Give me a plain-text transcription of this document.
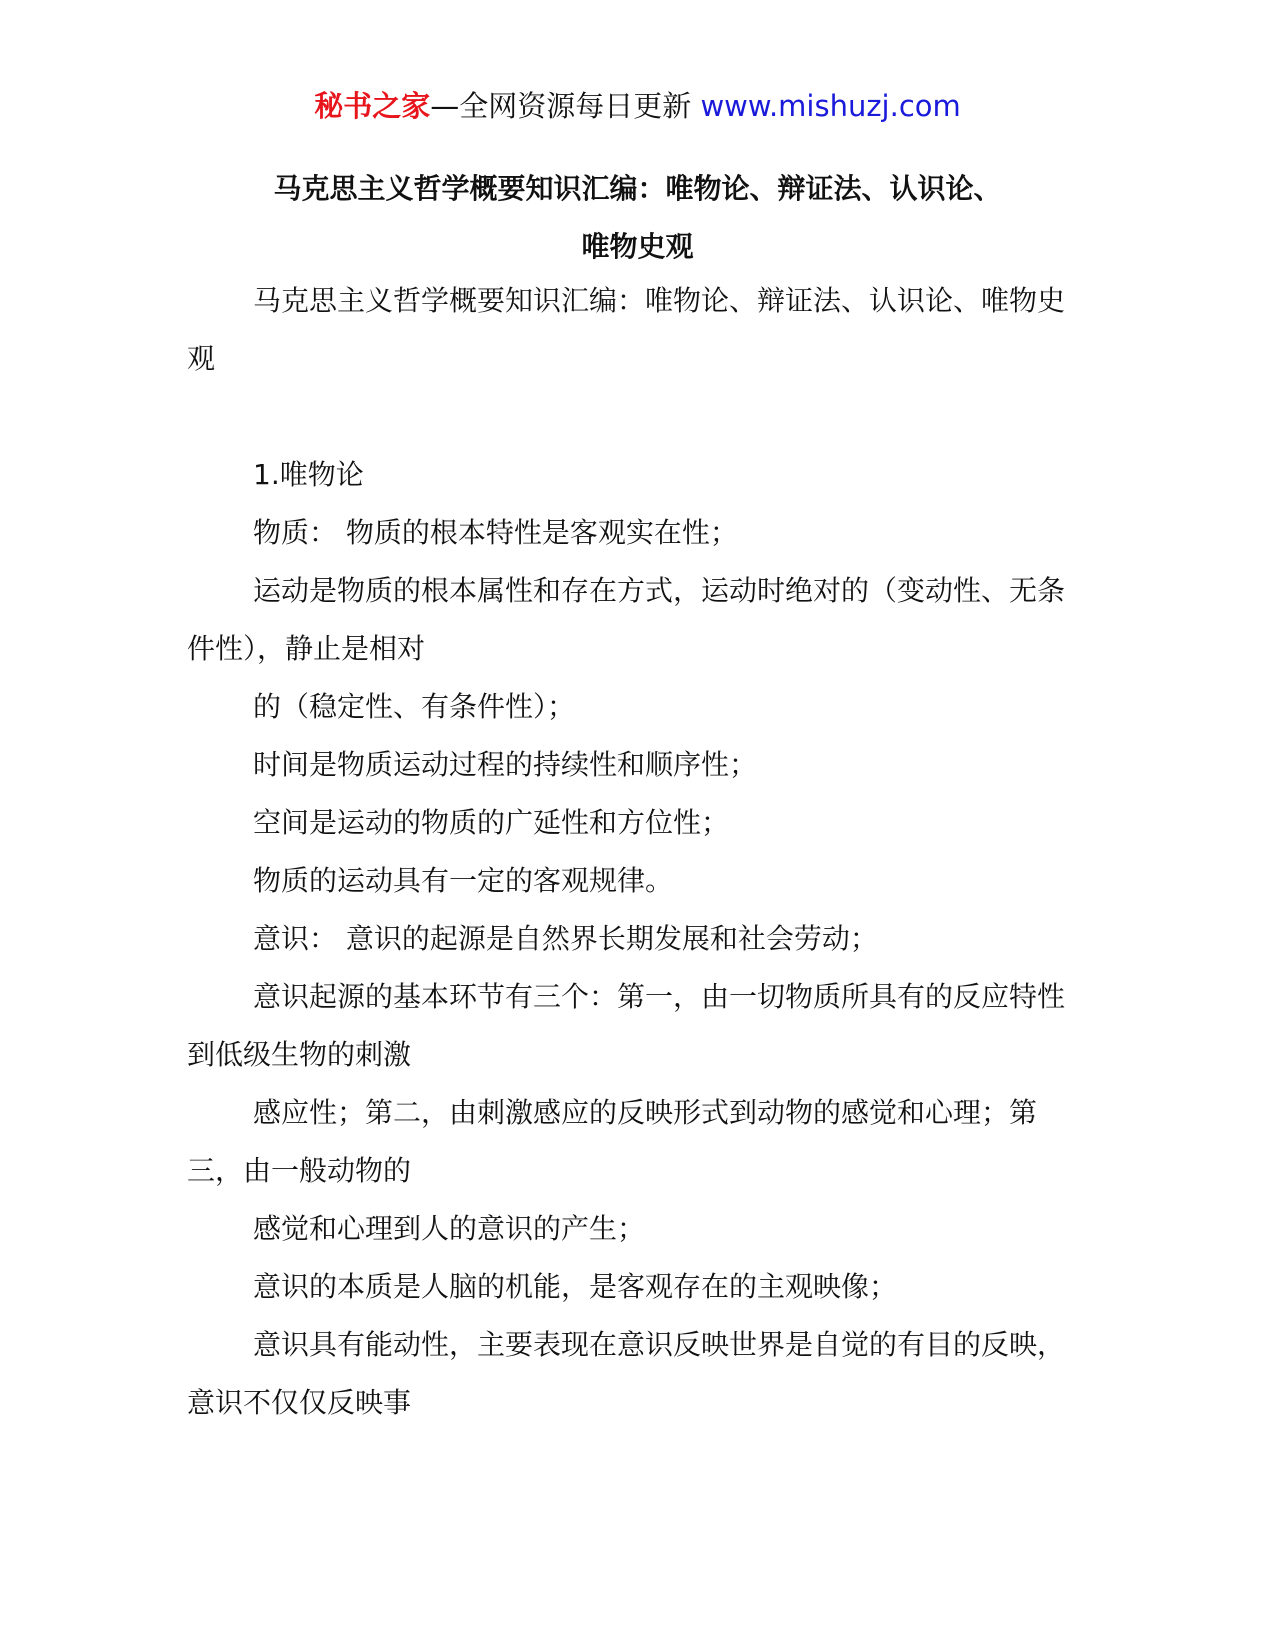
秘书之家—全网资源每日更新 www.mishuzj.com
马克思主义哲学概要知识汇编：唯物论、辩证法、认识论、
唯物史观

马克思主义哲学概要知识汇编：唯物论、辩证法、认识论、唯物史观

1.唯物论

物质： 物质的根本特性是客观实在性；

运动是物质的根本属性和存在方式，运动时绝对的（变动性、无条件性），静止是相对

的（稳定性、有条件性）；

时间是物质运动过程的持续性和顺序性；

空间是运动的物质的广延性和方位性；

物质的运动具有一定的客观规律。

意识： 意识的起源是自然界长期发展和社会劳动；

意识起源的基本环节有三个：第一，由一切物质所具有的反应特性到低级生物的刺激

感应性；第二，由刺激感应的反映形式到动物的感觉和心理；第三，由一般动物的

感觉和心理到人的意识的产生；

意识的本质是人脑的机能，是客观存在的主观映像；

意识具有能动性，主要表现在意识反映世界是自觉的有目的反映，意识不仅仅反映事
